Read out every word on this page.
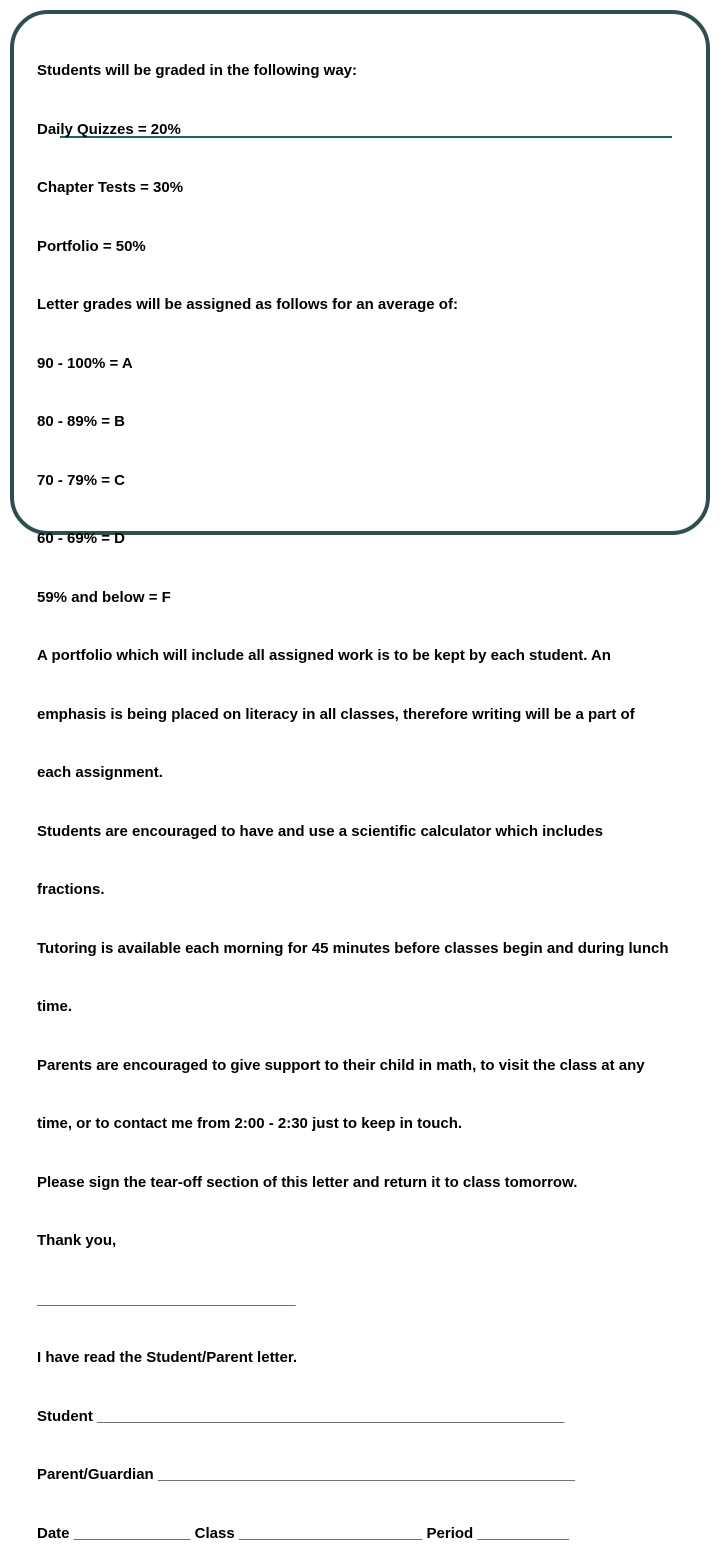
Students will be graded in the following way:

Daily Quizzes = 20%

Chapter Tests = 30%

Portfolio = 50%

Letter grades will be assigned as follows for an average of:

90 - 100% = A

80 - 89% = B

70 - 79% = C

60 - 69% = D

59% and below = F

A portfolio which will include all assigned work is to be kept by each student. An

emphasis is being placed on literacy in all classes, therefore writing will be a part of

each assignment.

Students are encouraged to have and use a scientific calculator which includes

fractions.

Tutoring is available each morning for 45 minutes before classes begin and during lunch

time.

Parents are encouraged to give support to their child in math, to visit the class at any

time, or to contact me from 2:00 - 2:30 just to keep in touch.

Please sign the tear-off section of this letter and return it to class tomorrow.

Thank you,

_______________________________

I have read the Student/Parent letter.

Student ________________________________________________________

Parent/Guardian __________________________________________________

Date ______________ Class ______________________ Period ___________
